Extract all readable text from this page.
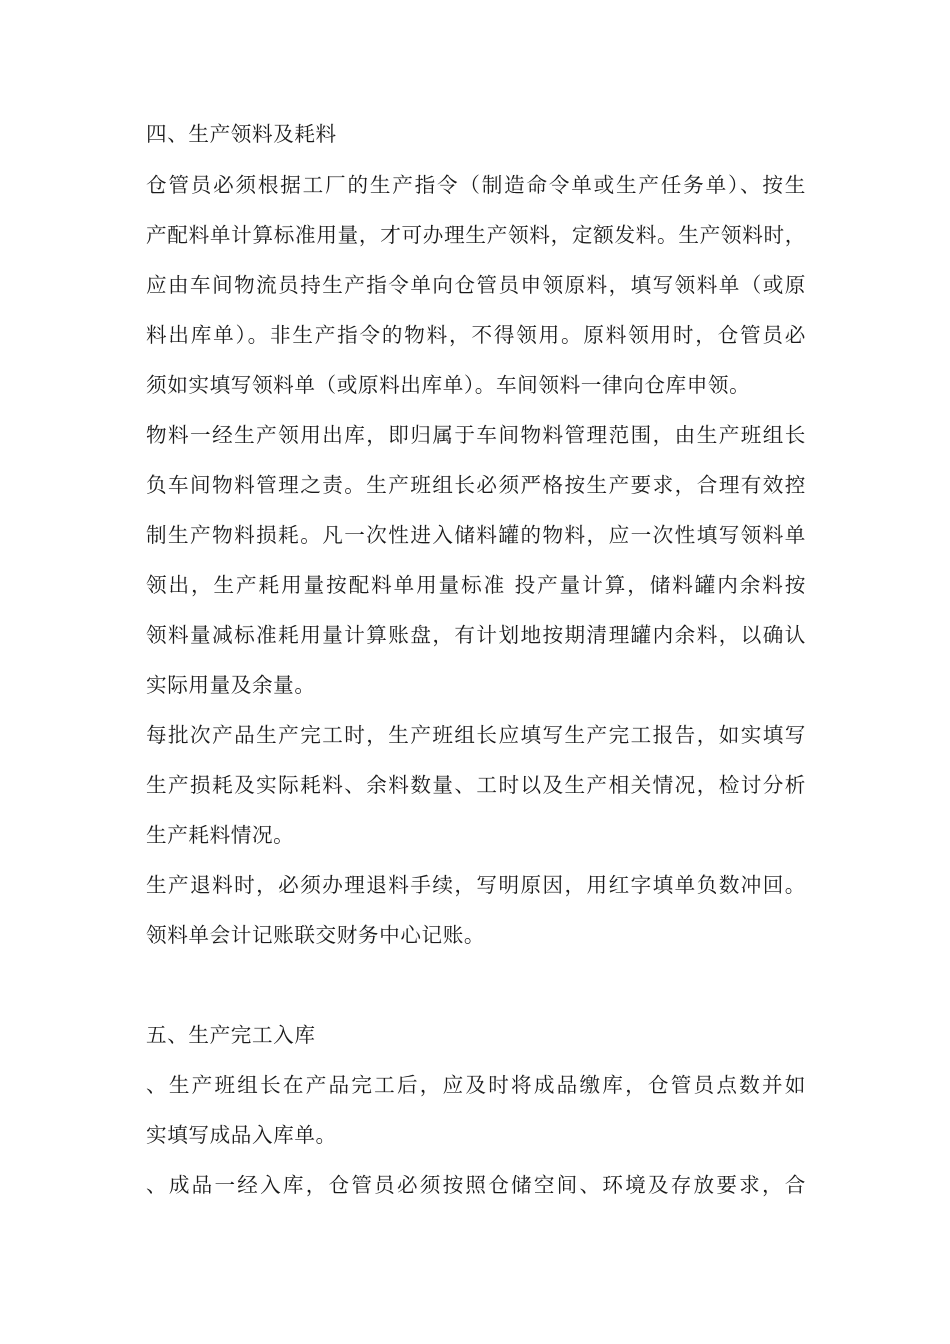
四、生产领料及耗料
仓管员必须根据工厂的生产指令（制造命令单或生产任务单）、按生
产配料单计算标准用量，才可办理生产领料，定额发料。生产领料时，
应由车间物流员持生产指令单向仓管员申领原料，填写领料单（或原
料出库单）。非生产指令的物料，不得领用。原料领用时，仓管员必
须如实填写领料单（或原料出库单）。车间领料一律向仓库申领。
物料一经生产领用出库，即归属于车间物料管理范围，由生产班组长
负车间物料管理之责。生产班组长必须严格按生产要求，合理有效控
制生产物料损耗。凡一次性进入储料罐的物料，应一次性填写领料单
领出，生产耗用量按配料单用量标准 投产量计算，储料罐内余料按
领料量减标准耗用量计算账盘，有计划地按期清理罐内余料，以确认
实际用量及余量。
每批次产品生产完工时，生产班组长应填写生产完工报告，如实填写
生产损耗及实际耗料、余料数量、工时以及生产相关情况，检讨分析
生产耗料情况。
生产退料时，必须办理退料手续，写明原因，用红字填单负数冲回。
领料单会计记账联交财务中心记账。
五、生产完工入库
、生产班组长在产品完工后，应及时将成品缴库，仓管员点数并如
实填写成品入库单。
、成品一经入库，仓管员必须按照仓储空间、环境及存放要求，合
